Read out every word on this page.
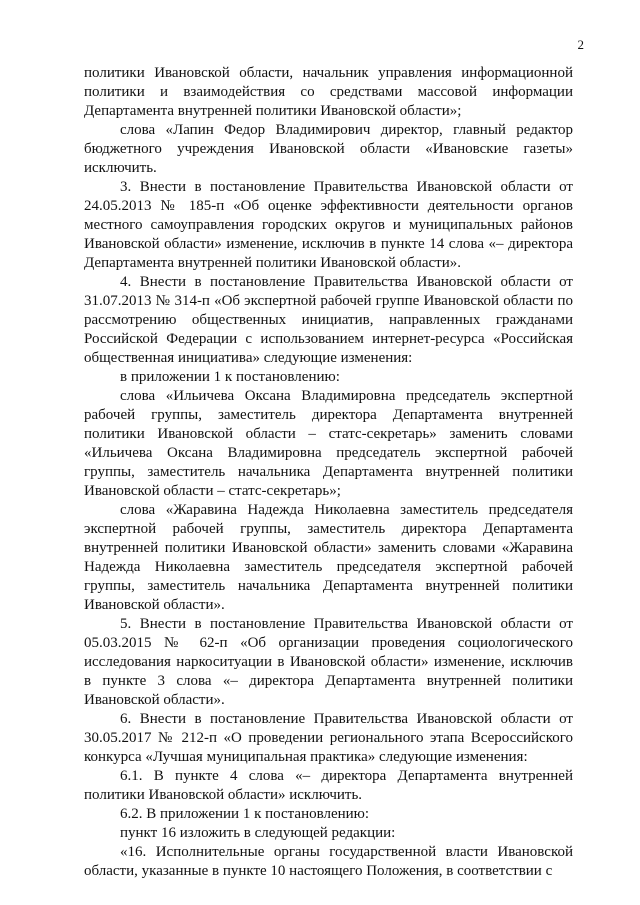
2

политики Ивановской области, начальник управления информационной политики и взаимодействия со средствами массовой информации Департамента внутренней политики Ивановской области»;

слова «Лапин Федор Владимирович директор, главный редактор бюджетного учреждения Ивановской области «Ивановские газеты» исключить.

3. Внести в постановление Правительства Ивановской области от 24.05.2013 № 185-п «Об оценке эффективности деятельности органов местного самоуправления городских округов и муниципальных районов Ивановской области» изменение, исключив в пункте 14 слова «– директора Департамента внутренней политики Ивановской области».

4. Внести в постановление Правительства Ивановской области от 31.07.2013 № 314-п «Об экспертной рабочей группе Ивановской области по рассмотрению общественных инициатив, направленных гражданами Российской Федерации с использованием интернет-ресурса «Российская общественная инициатива» следующие изменения:

в приложении 1 к постановлению:

слова «Ильичева Оксана Владимировна председатель экспертной рабочей группы, заместитель директора Департамента внутренней политики Ивановской области – статс-секретарь» заменить словами «Ильичева Оксана Владимировна председатель экспертной рабочей группы, заместитель начальника Департамента внутренней политики Ивановской области – статс-секретарь»;

слова «Жаравина Надежда Николаевна заместитель председателя экспертной рабочей группы, заместитель директора Департамента внутренней политики Ивановской области» заменить словами «Жаравина Надежда Николаевна заместитель председателя экспертной рабочей группы, заместитель начальника Департамента внутренней политики Ивановской области».

5. Внести в постановление Правительства Ивановской области от 05.03.2015 № 62-п «Об организации проведения социологического исследования наркоситуации в Ивановской области» изменение, исключив в пункте 3 слова «– директора Департамента внутренней политики Ивановской области».

6. Внести в постановление Правительства Ивановской области от 30.05.2017 № 212-п «О проведении регионального этапа Всероссийского конкурса «Лучшая муниципальная практика» следующие изменения:

6.1. В пункте 4 слова «– директора Департамента внутренней политики Ивановской области» исключить.

6.2. В приложении 1 к постановлению:

пункт 16 изложить в следующей редакции:

«16. Исполнительные органы государственной власти Ивановской области, указанные в пункте 10 настоящего Положения, в соответствии с
